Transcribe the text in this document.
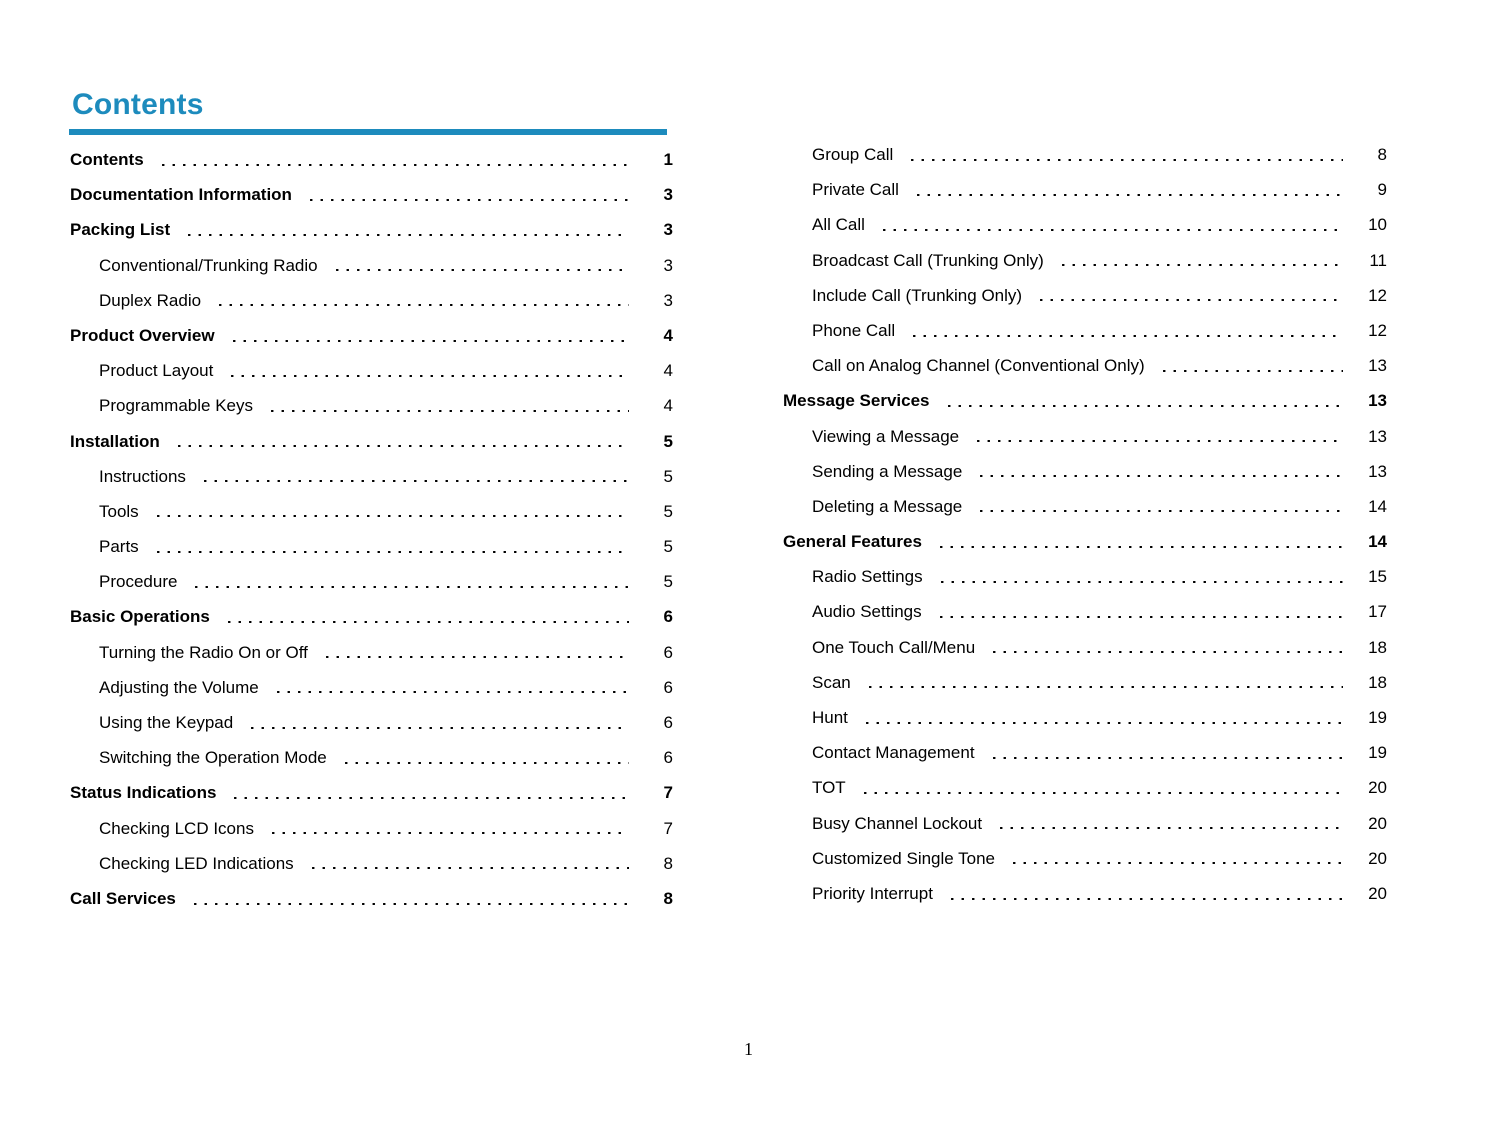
Contents
Contents	1
Documentation Information	3
Packing List	3
Conventional/Trunking Radio	3
Duplex Radio	3
Product Overview	4
Product Layout	4
Programmable Keys	4
Installation	5
Instructions	5
Tools	5
Parts	5
Procedure	5
Basic Operations	6
Turning the Radio On or Off	6
Adjusting the Volume	6
Using the Keypad	6
Switching the Operation Mode	6
Status Indications	7
Checking LCD Icons	7
Checking LED Indications	8
Call Services	8
Group Call	8
Private Call	9
All Call	10
Broadcast Call (Trunking Only)	11
Include Call (Trunking Only)	12
Phone Call	12
Call on Analog Channel (Conventional Only)	13
Message Services	13
Viewing a Message	13
Sending a Message	13
Deleting a Message	14
General Features	14
Radio Settings	15
Audio Settings	17
One Touch Call/Menu	18
Scan	18
Hunt	19
Contact Management	19
TOT	20
Busy Channel Lockout	20
Customized Single Tone	20
Priority Interrupt	20
1
